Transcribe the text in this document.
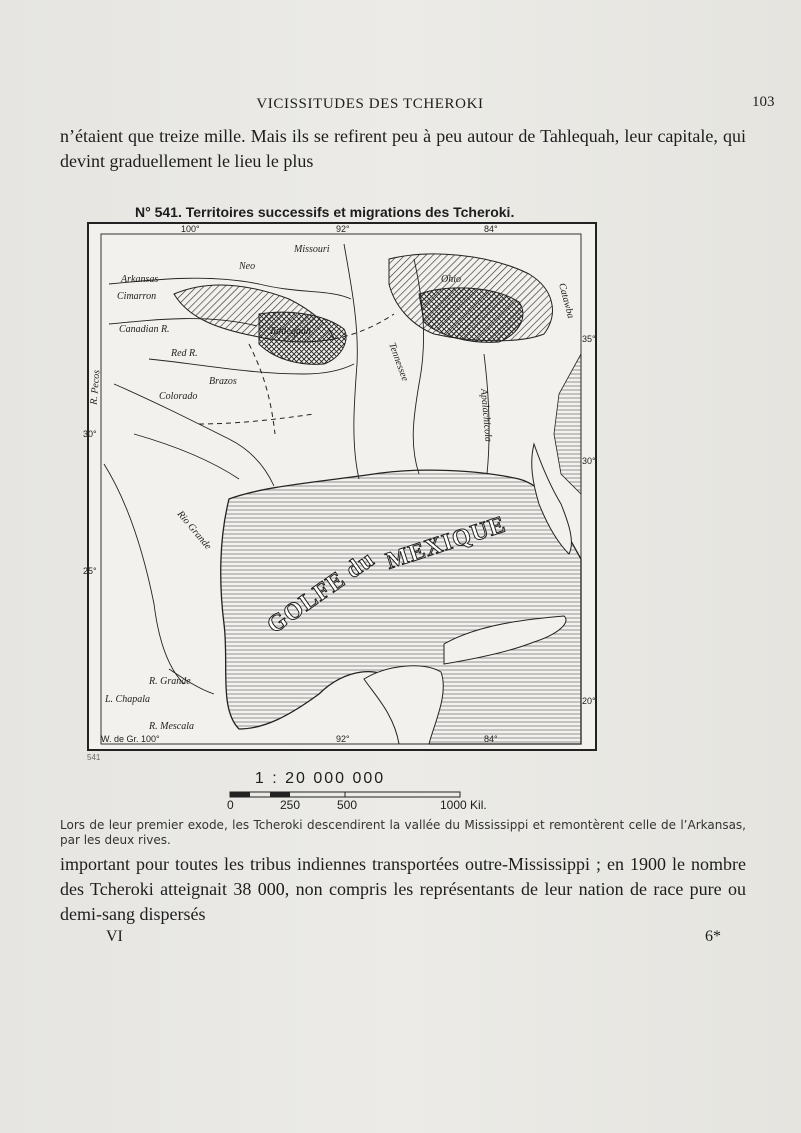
VICISSITUDES DES TCHEROKI	103
n’étaient que treize mille. Mais ils se refirent peu à peu autour de Tahlequah, leur capitale, qui devint graduellement le lieu le plus
N° 541. Territoires successifs et migrations des Tcheroki.
100°	92°	84°
W. de Gr. 100°	92°	84°
30°
25°
35°
30°
20°
Arkansas
Cimarron
Canadian R.
Red R.
Brazos
Colorado
R. Pecos
Missouri
Neo
Tennessee
Apalachicola
Rio Grande
R. Grande
L. Chapala
R. Mescala
Ohio
Tahlequah
Catawba
GOLFE du
MEXIQUE
541
1 : 20 000 000
0	250	500	1000 Kil.
Lors de leur premier exode, les Tcheroki descendirent la vallée du Mississippi et remontèrent celle de l’Arkansas, par les deux rives.
important pour toutes les tribus indiennes transportées outre-Mississippi ; en 1900 le nombre des Tcheroki atteignait 38 000, non compris les représentants de leur nation de race pure ou demi-sang dispersés
VI	6*
